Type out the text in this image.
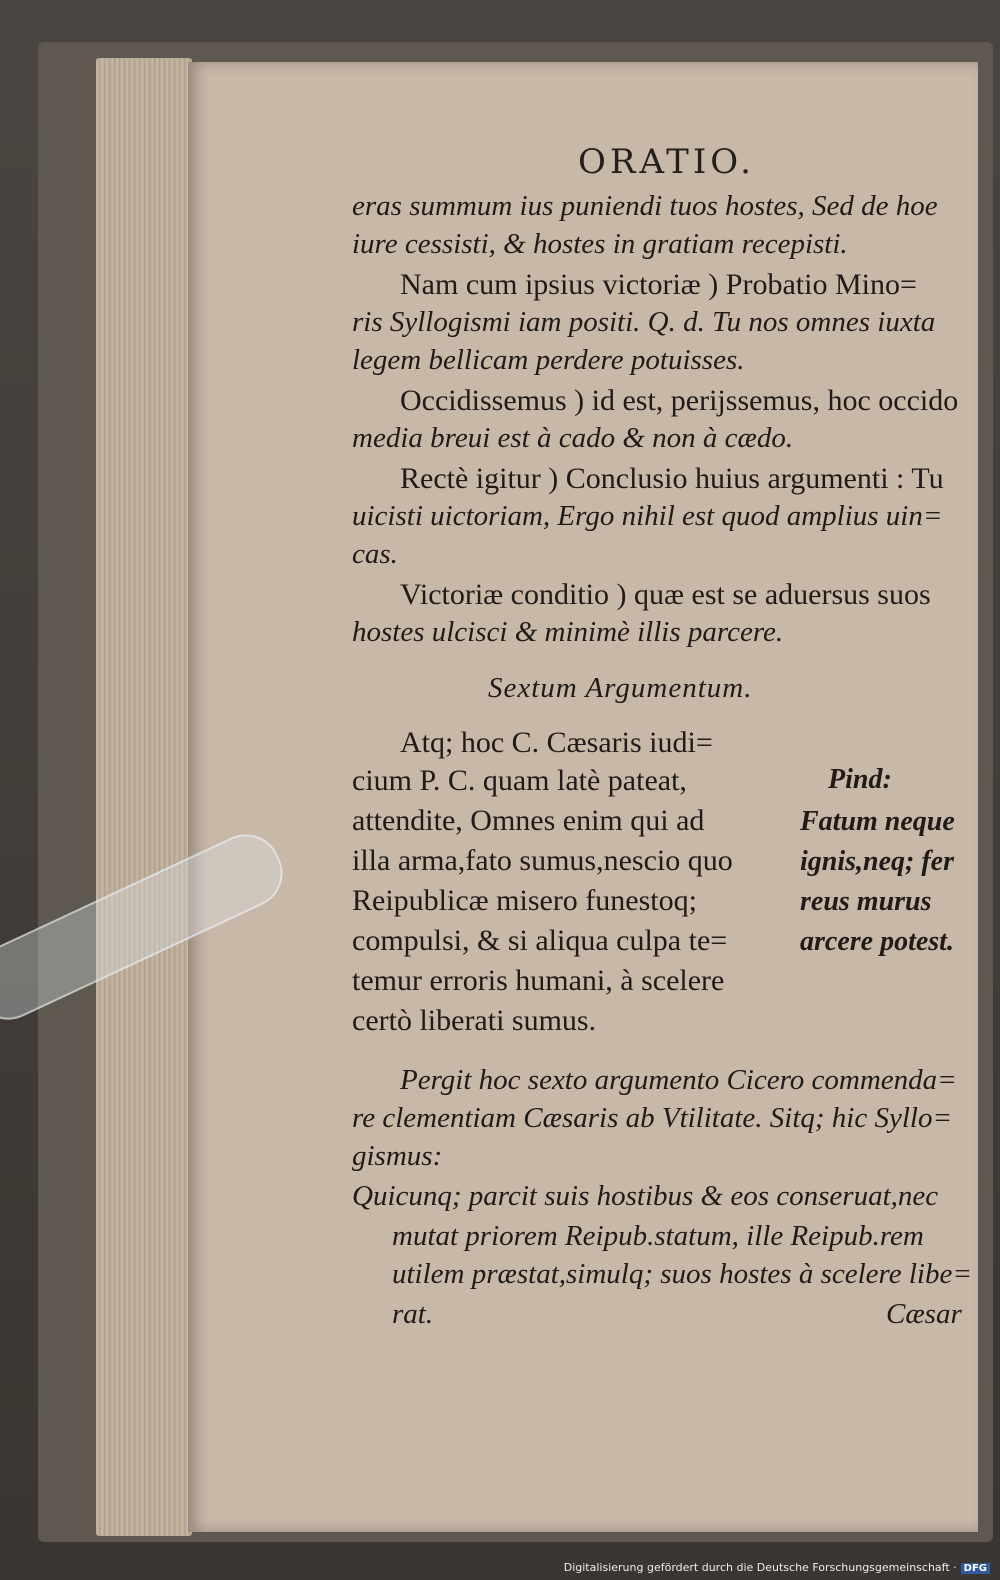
ORATIO.
eras summum ius puniendi tuos hostes, Sed de hoe
iure cessisti, & hostes in gratiam recepisti.
Nam cum ipsius victoriæ ) Probatio Mino=
ris Syllogismi iam positi. Q. d. Tu nos omnes iuxta
legem bellicam perdere potuisses.
Occidissemus ) id est, perijssemus, hoc occido
media breui est à cado & non à cædo.
Rectè igitur ) Conclusio huius argumenti : Tu
uicisti uictoriam, Ergo nihil est quod amplius uin=
cas.
Victoriæ conditio ) quæ est se aduersus suos
hostes ulcisci & minimè illis parcere.
Sextum Argumentum.
Atq; hoc C. Cæsaris iudi=
cium P. C. quam latè pateat,
attendite, Omnes enim qui ad
illa arma,fato sumus,nescio quo
Reipublicæ misero funestoq;
compulsi, & si aliqua culpa te=
temur erroris humani, à scelere
certò liberati sumus.
Pind:
Fatum neque
ignis,neq; fer
reus murus
arcere potest.
Pergit hoc sexto argumento Cicero commenda=
re clementiam Cæsaris ab Vtilitate. Sitq; hic Syllo=
gismus:
Quicunq; parcit suis hostibus & eos conseruat,nec
mutat priorem Reipub.statum, ille Reipub.rem
utilem præstat,simulq; suos hostes à scelere libe=
rat.	Cæsar
Digitalisierung gefördert durch die Deutsche Forschungsgemeinschaft · DFG
